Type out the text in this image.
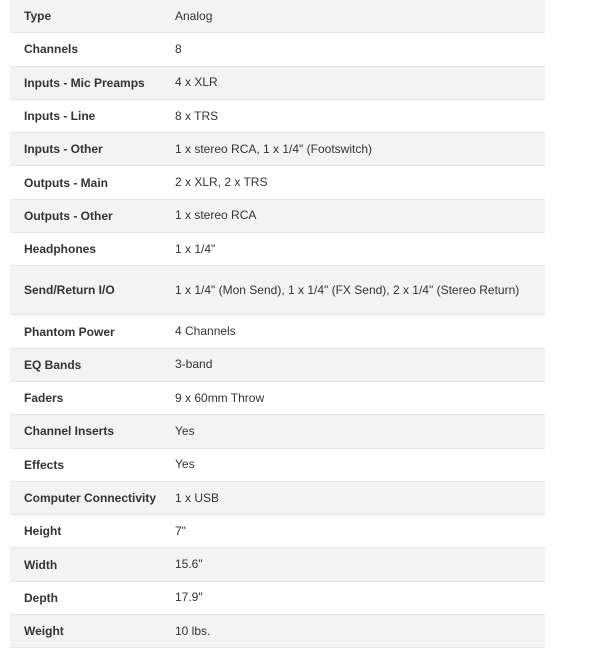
Type	Analog
Channels	8
Inputs - Mic Preamps	4 x XLR
Inputs - Line	8 x TRS
Inputs - Other	1 x stereo RCA, 1 x 1/4" (Footswitch)
Outputs - Main	2 x XLR, 2 x TRS
Outputs - Other	1 x stereo RCA
Headphones	1 x 1/4"
Send/Return I/O	1 x 1/4" (Mon Send), 1 x 1/4" (FX Send), 2 x 1/4" (Stereo Return)
Phantom Power	4 Channels
EQ Bands	3-band
Faders	9 x 60mm Throw
Channel Inserts	Yes
Effects	Yes
Computer Connectivity	1 x USB
Height	7"
Width	15.6"
Depth	17.9"
Weight	10 lbs.
